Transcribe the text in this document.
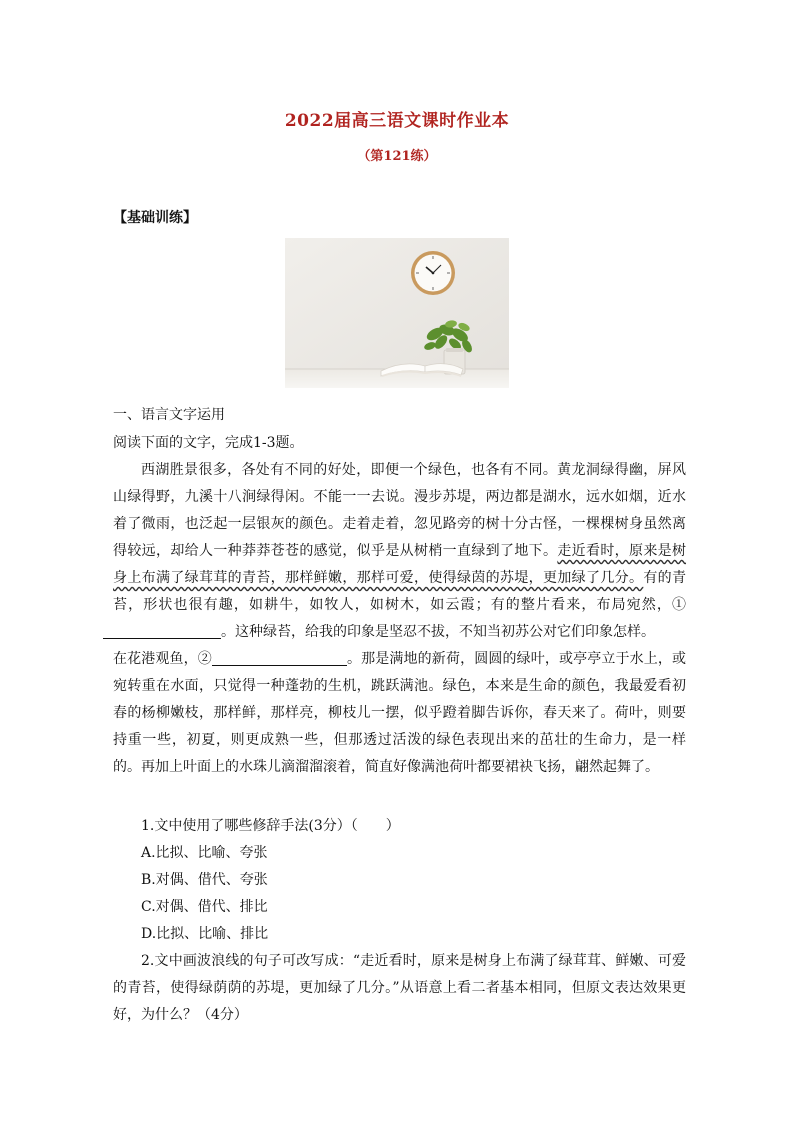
2022届高三语文课时作业本
（第121练）
【基础训练】
一、语言文字运用
阅读下面的文字，完成1-3题。
西湖胜景很多，各处有不同的好处，即便一个绿色，也各有不同。黄龙洞绿得幽，屏风山绿得野，九溪十八涧绿得闲。不能一一去说。漫步苏堤，两边都是湖水，远水如烟，近水着了微雨，也泛起一层银灰的颜色。走着走着，忽见路旁的树十分古怪，一棵棵树身虽然离得较远，却给人一种莽莽苍苍的感觉，似乎是从树梢一直绿到了地下。走近看时，原来是树身上布满了绿茸茸的青苔，那样鲜嫩，那样可爱，使得绿茵的苏堤，更加绿了几分。有的青苔，形状也很有趣，如耕牛，如牧人，如树木，如云霞；有的整片看来，布局宛然，①。这种绿苔，给我的印象是坚忍不拔，不知当初苏公对它们印象怎样。
在花港观鱼，②	。那是满地的新荷，圆圆的绿叶，或亭亭立于水上，或宛转重在水面，只觉得一种蓬勃的生机，跳跃满池。绿色，本来是生命的颜色，我最爱看初春的杨柳嫩枝，那样鲜，那样亮，柳枝儿一摆，似乎蹬着脚告诉你，春天来了。荷叶，则要持重一些，初夏，则更成熟一些，但那透过活泼的绿色表现出来的茁壮的生命力，是一样的。再加上叶面上的水珠儿滴溜溜滚着，简直好像满池荷叶都要裙袂飞扬，翩然起舞了。
1.文中使用了哪些修辞手法(3分）（　　）
A.比拟、比喻、夸张
B.对偶、借代、夸张
C.对偶、借代、排比
D.比拟、比喻、排比
2.文中画波浪线的句子可改写成：“走近看时，原来是树身上布满了绿茸茸、鲜嫩、可爱的青苔，使得绿荫荫的苏堤，更加绿了几分。”从语意上看二者基本相同，但原文表达效果更好，为什么？（4分）
